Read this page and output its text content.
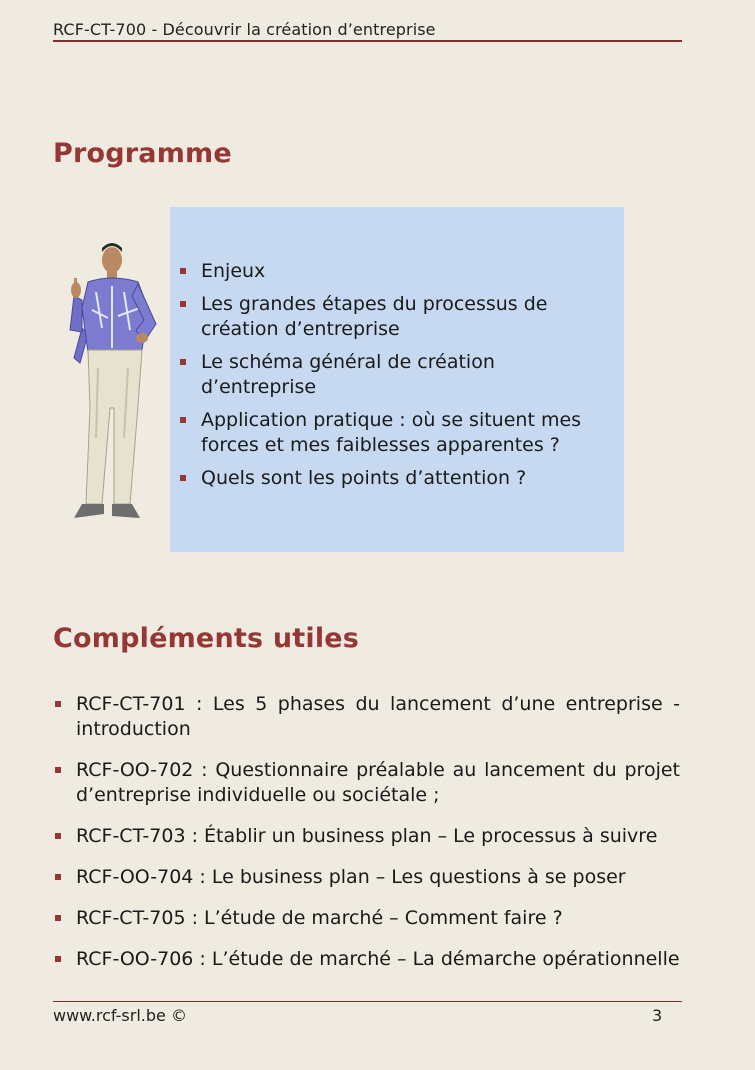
RCF-CT-700 - Découvrir la création d’entreprise
Programme
Enjeux
Les grandes étapes du processus de création d’entreprise
Le schéma général de création d’entreprise
Application pratique : où se situent mes forces et mes faiblesses apparentes ?
Quels sont les points d’attention ?
Compléments utiles
RCF-CT-701 : Les 5 phases du lancement d’une entreprise - introduction
RCF-OO-702 : Questionnaire préalable au lancement du projet d’entreprise individuelle ou sociétale ;
RCF-CT-703 : Établir un business plan – Le processus à suivre
RCF-OO-704 : Le business plan – Les questions à se poser
RCF-CT-705 : L’étude de marché – Comment faire ?
RCF-OO-706 : L’étude de marché – La démarche opérationnelle
www.rcf-srl.be ©	3
